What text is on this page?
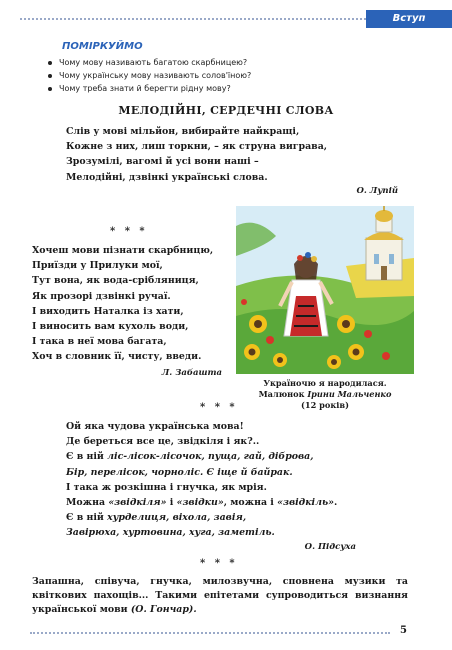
Вступ
ПОМІРКУЙМО
Чому мову називають багатою скарбницею?
Чому українську мову називають солов'їною?
Чому треба знати й берегти рідну мову?
МЕЛОДІЙНІ, СЕРДЕЧНІ СЛОВА
Слів у мові мільйон, вибирайте найкращі,
Кожне з них, лиш торкни, – як струна виграва,
Зрозумілі, вагомі й усі вони наші –
Мелодійні, дзвінкі українські слова.
О. Лупій
* * *
Хочеш мови пізнати скарбницю,
Приїзди у Прилуки мої,
Тут вона, як вода-срібляниця,
Як прозорі дзвінкі ручаї.
І виходить Наталка із хати,
І виносить вам кухоль води,
І така в неї мова багата,
Хоч в словник її, чисту, введи.
Л. Забашта
Україночю я народилася.
Малюнок Ірини Мальченко
(12 років)
* * *
Ой яка чудова українська мова!
Де береться все це, звідкіля і як?..
Є в ній ліс-лісок-лісочок, пуща, гай, діброва,
Бір, перелісок, чорноліс. Є іще й байрак.
І така ж розкішна і гнучка, як мрія.
Можна «звідкіля» і «звідки», можна і «звідкіль».
Є в ній хурделиця, віхола, завія,
Завірюха, хуртовина, хуга, заметіль.
О. Підсуха
* * *
Запашна, співуча, гнучка, милозвучна, сповнена музики та квіткових пахощів... Такими епітетами супроводиться визнання української мови (О. Гончар).
5
